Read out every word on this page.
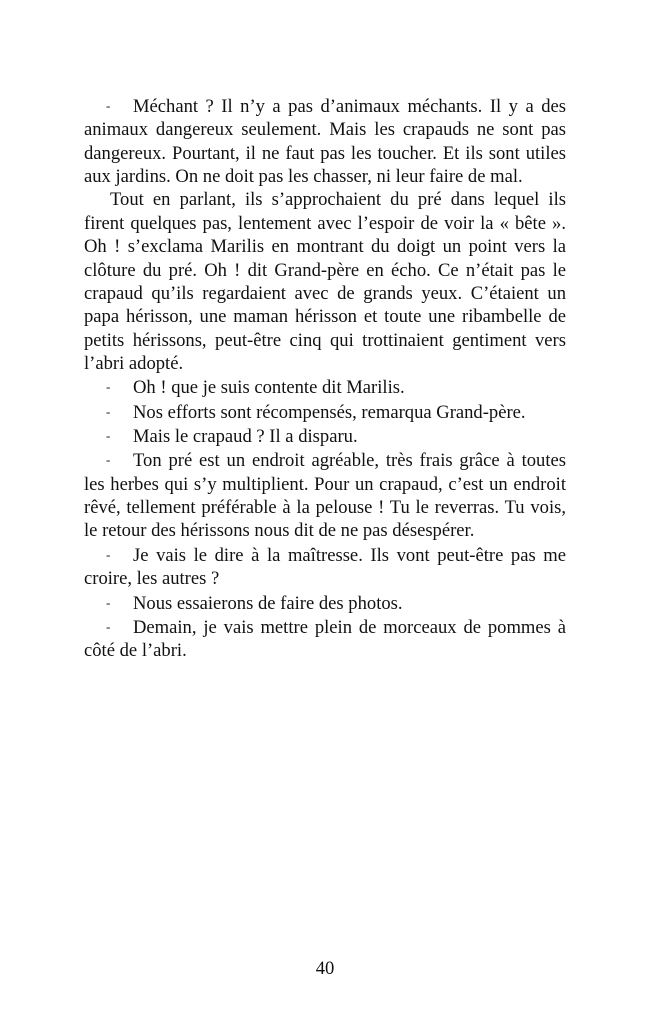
- Méchant ? Il n’y a pas d’animaux méchants. Il y a des animaux dangereux seulement. Mais les crapauds ne sont pas dangereux. Pourtant, il ne faut pas les toucher. Et ils sont utiles aux jardins. On ne doit pas les chasser, ni leur faire de mal.

Tout en parlant, ils s’approchaient du pré dans lequel ils firent quelques pas, lentement avec l’espoir de voir la « bête ». Oh ! s’exclama Marilis en montrant du doigt un point vers la clôture du pré. Oh ! dit Grand-père en écho. Ce n’était pas le crapaud qu’ils regardaient avec de grands yeux. C’étaient un papa hérisson, une maman hérisson et toute une ribambelle de petits hérissons, peut-être cinq qui trottinaient gentiment vers l’abri adopté.

- Oh ! que je suis contente dit Marilis.

- Nos efforts sont récompensés, remarqua Grand-père.

- Mais le crapaud ? Il a disparu.

- Ton pré est un endroit agréable, très frais grâce à toutes les herbes qui s’y multiplient. Pour un crapaud, c’est un endroit rêvé, tellement préférable à la pelouse ! Tu le reverras. Tu vois, le retour des hérissons nous dit de ne pas désespérer.

- Je vais le dire à la maîtresse. Ils vont peut-être pas me croire, les autres ?

- Nous essaierons de faire des photos.

- Demain, je vais mettre plein de morceaux de pommes à côté de l’abri.

40
